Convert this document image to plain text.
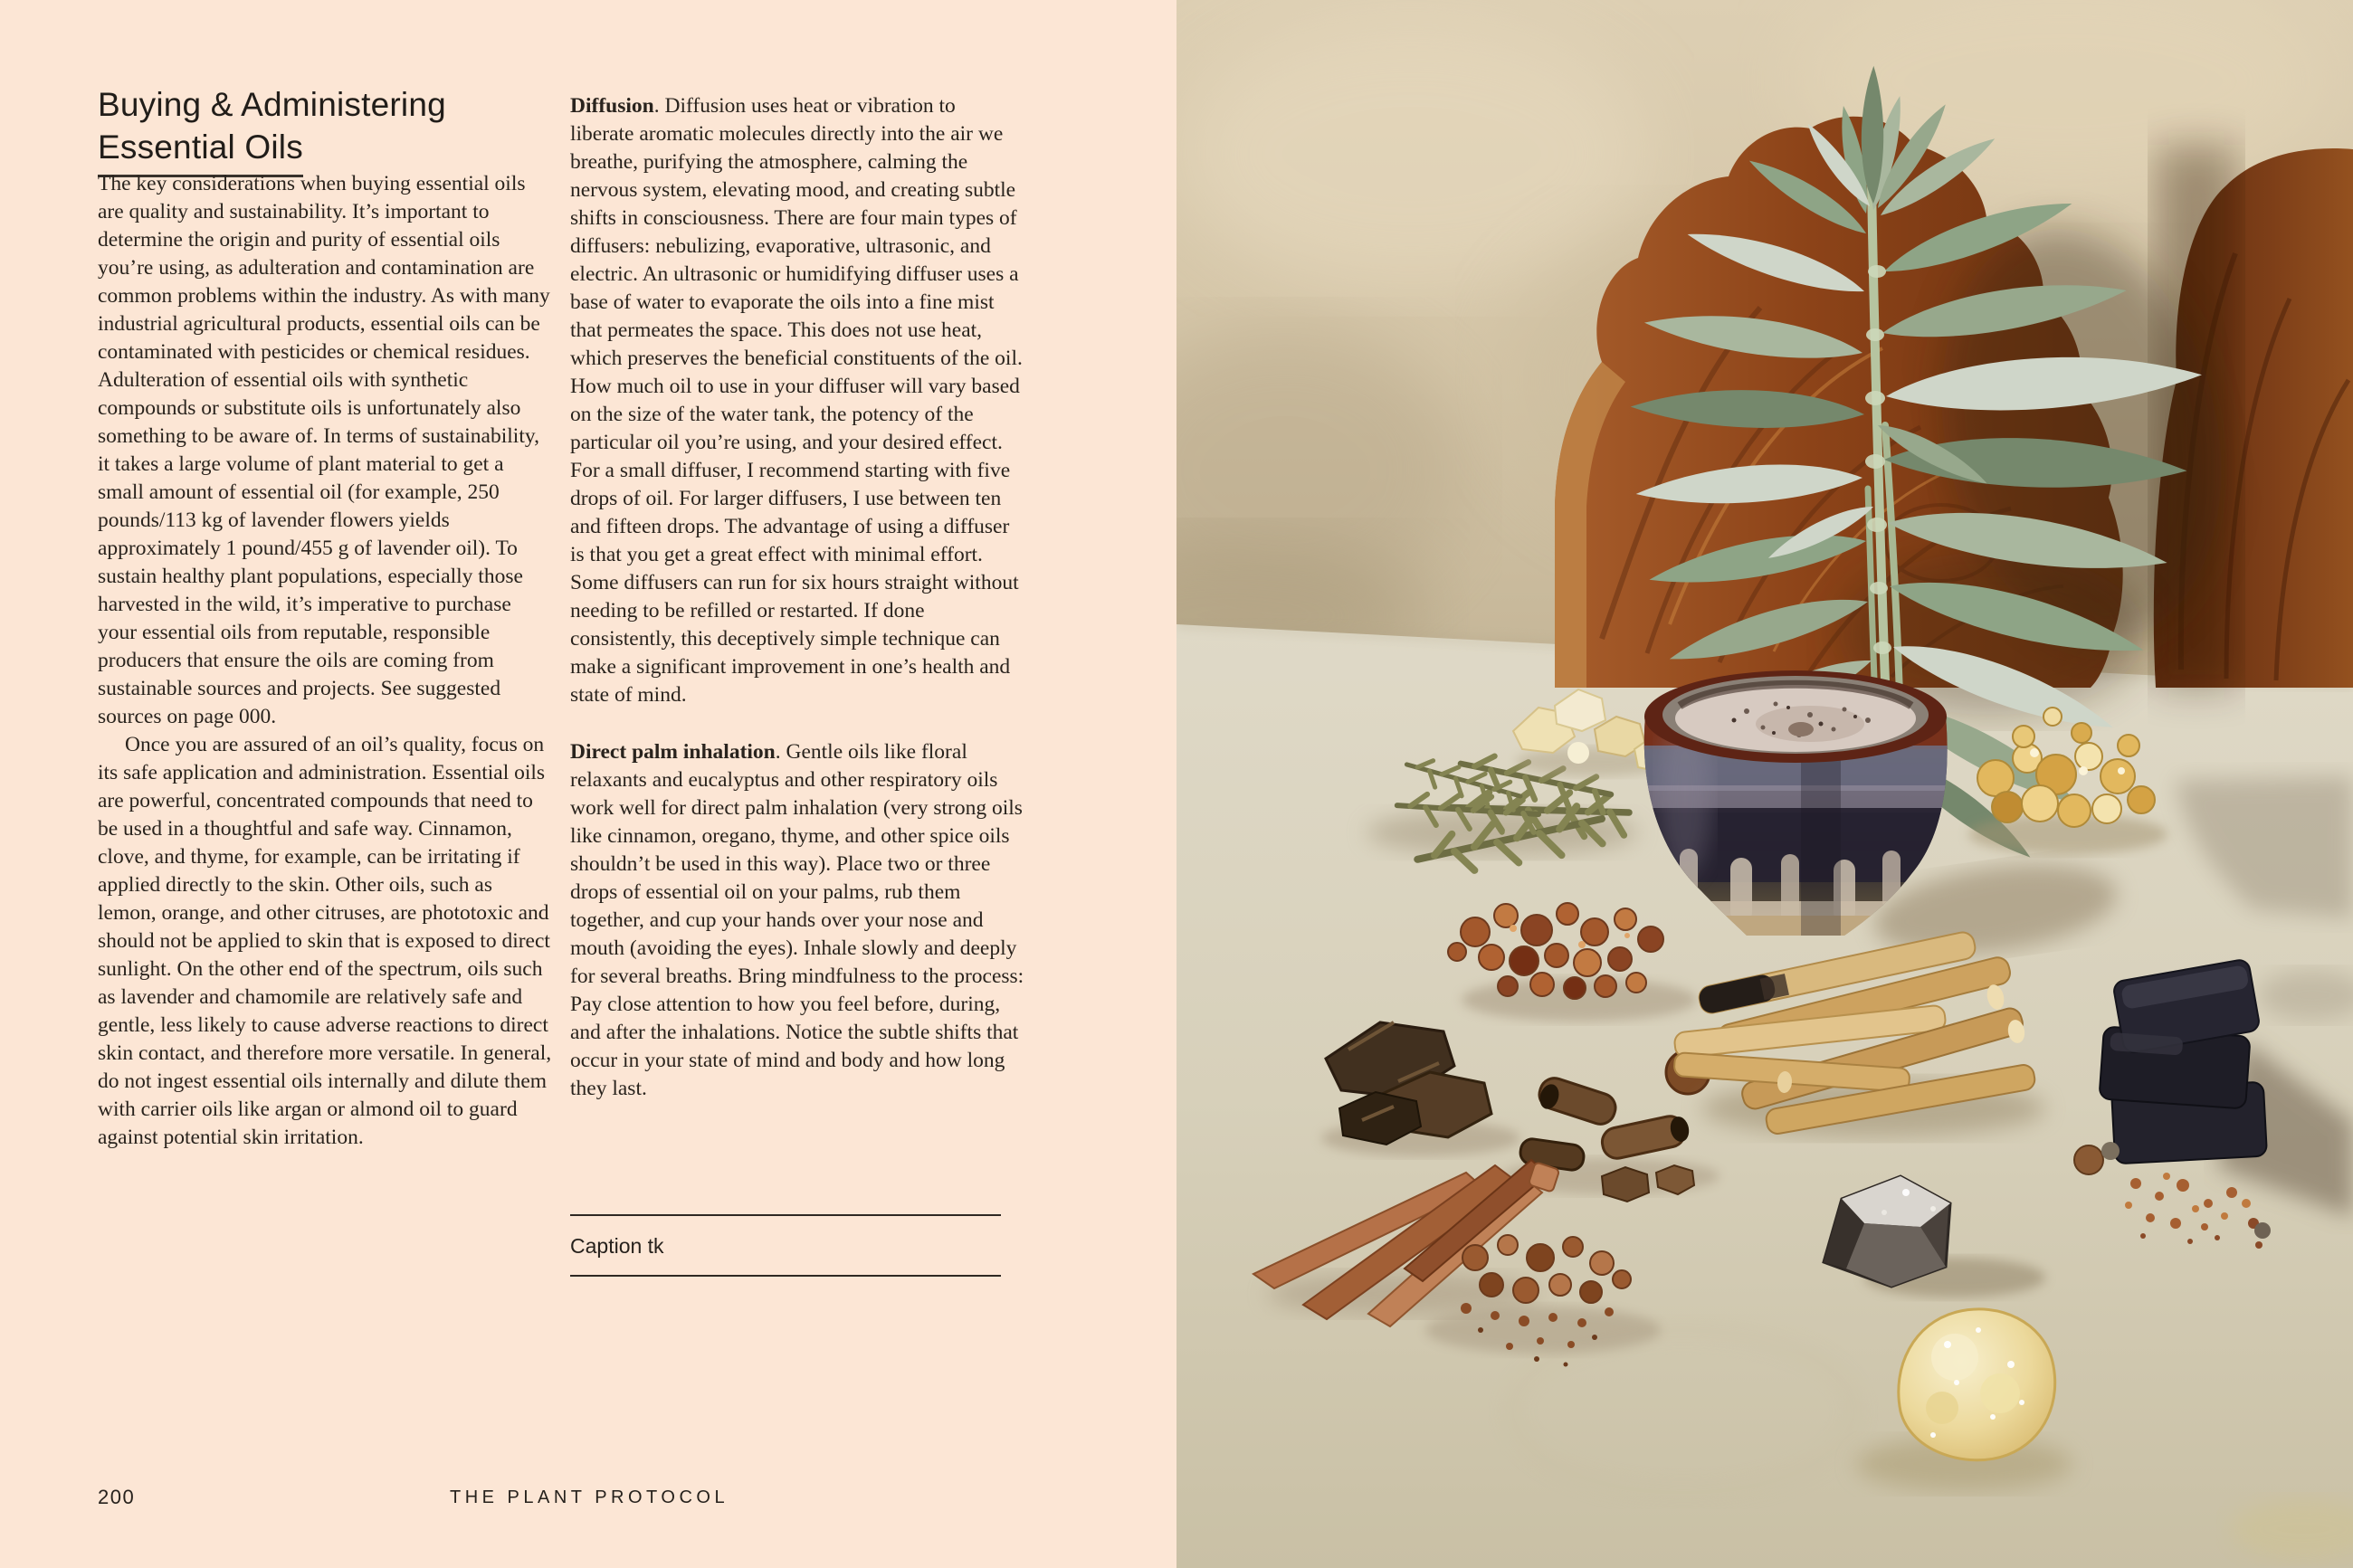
Buying & Administering
Essential Oils

The key considerations when buying essential oils are quality and sustainability. It’s important to determine the origin and purity of essential oils you’re using, as adulteration and contamination are common problems within the industry. As with many industrial agricultural products, essential oils can be contaminated with pesticides or chemical residues. Adulteration of essential oils with synthetic compounds or substitute oils is unfortunately also something to be aware of. In terms of sustainability, it takes a large volume of plant material to get a small amount of essential oil (for example, 250 pounds/113 kg of lavender flowers yields approximately 1 pound/455 g of lavender oil). To sustain healthy plant populations, especially those harvested in the wild, it’s imperative to purchase your essential oils from reputable, responsible producers that ensure the oils are coming from sustainable sources and projects. See suggested sources on page 000.

Once you are assured of an oil’s quality, focus on its safe application and administration. Essential oils are powerful, concentrated compounds that need to be used in a thoughtful and safe way. Cinnamon, clove, and thyme, for example, can be irritating if applied directly to the skin. Other oils, such as lemon, orange, and other citruses, are phototoxic and should not be applied to skin that is exposed to direct sunlight. On the other end of the spectrum, oils such as lavender and chamomile are relatively safe and gentle, less likely to cause adverse reactions to direct skin contact, and therefore more versatile. In general, do not ingest essential oils internally and dilute them with carrier oils like argan or almond oil to guard against potential skin irritation.

Diffusion. Diffusion uses heat or vibration to liberate aromatic molecules directly into the air we breathe, purifying the atmosphere, calming the nervous system, elevating mood, and creating subtle shifts in consciousness. There are four main types of diffusers: nebulizing, evaporative, ultrasonic, and electric. An ultrasonic or humidifying diffuser uses a base of water to evaporate the oils into a fine mist that permeates the space. This does not use heat, which preserves the beneficial constituents of the oil. How much oil to use in your diffuser will vary based on the size of the water tank, the potency of the particular oil you’re using, and your desired effect. For a small diffuser, I recommend starting with five drops of oil. For larger diffusers, I use between ten and fifteen drops. The advantage of using a diffuser is that you get a great effect with minimal effort. Some diffusers can run for six hours straight without needing to be refilled or restarted. If done consistently, this deceptively simple technique can make a significant improvement in one’s health and state of mind.

Direct palm inhalation. Gentle oils like floral relaxants and eucalyptus and other respiratory oils work well for direct palm inhalation (very strong oils like cinnamon, oregano, thyme, and other spice oils shouldn’t be used in this way). Place two or three drops of essential oil on your palms, rub them together, and cup your hands over your nose and mouth (avoiding the eyes). Inhale slowly and deeply for several breaths. Bring mindfulness to the process: Pay close attention to how you feel before, during, and after the inhalations. Notice the subtle shifts that occur in your state of mind and body and how long they last.

Caption tk
200	THE PLANT PROTOCOL
